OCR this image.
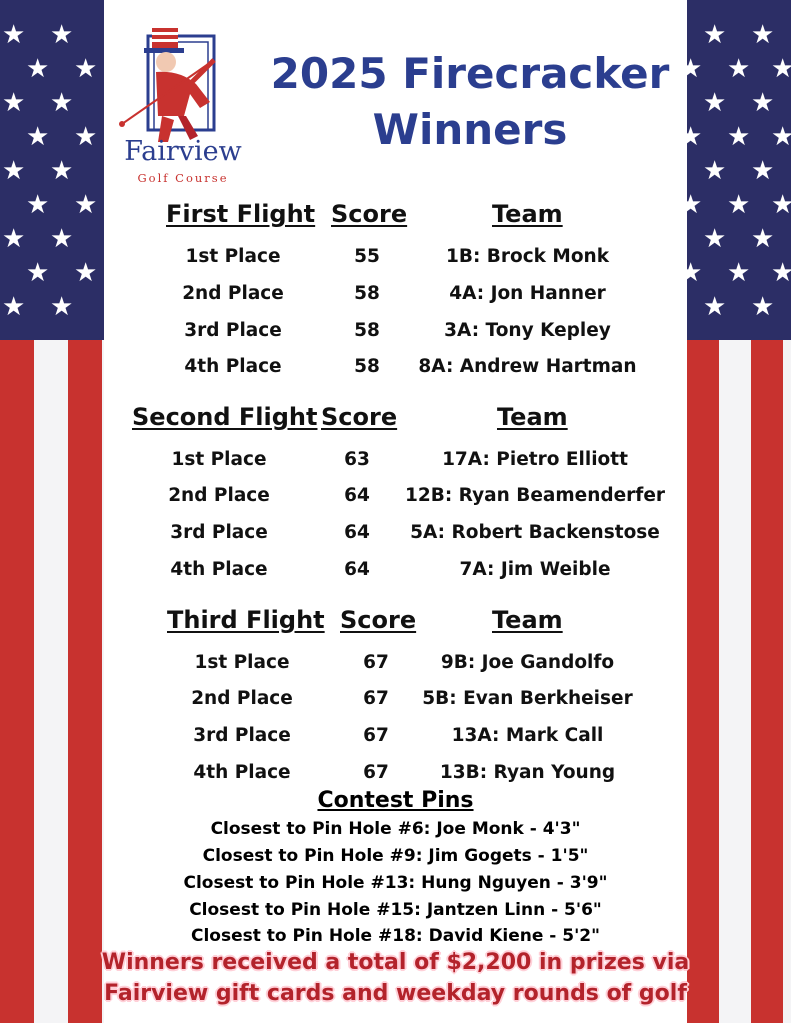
★ ★
★ ★
★ ★
★ ★
★ ★
★ ★
★ ★
★ ★
★ ★
★ ★
★ ★ ★
★ ★
★ ★ ★
★ ★
★ ★ ★
★ ★
★ ★ ★
★ ★
Fairview
Golf Course
2025 Firecracker
Winners
First Flight Score	Team
1st Place	55	1B: Brock Monk
2nd Place	58	4A: Jon Hanner
3rd Place	58	3A: Tony Kepley
4th Place	58	8A: Andrew Hartman
Second Flight Score	Team
1st Place	63	17A: Pietro Elliott
2nd Place	64	12B: Ryan Beamenderfer
3rd Place	64	5A: Robert Backenstose
4th Place	64	7A: Jim Weible
Third Flight Score	Team
1st Place	67	9B: Joe Gandolfo
2nd Place	67	5B: Evan Berkheiser
3rd Place	67	13A: Mark Call
4th Place	67	13B: Ryan Young
Contest Pins
Closest to Pin Hole #6: Joe Monk - 4'3"
Closest to Pin Hole #9: Jim Gogets - 1'5"
Closest to Pin Hole #13: Hung Nguyen - 3'9"
Closest to Pin Hole #15: Jantzen Linn - 5'6"
Closest to Pin Hole #18: David Kiene - 5'2"
Winners received a total of $2,200 in prizes via
Fairview gift cards and weekday rounds of golf
